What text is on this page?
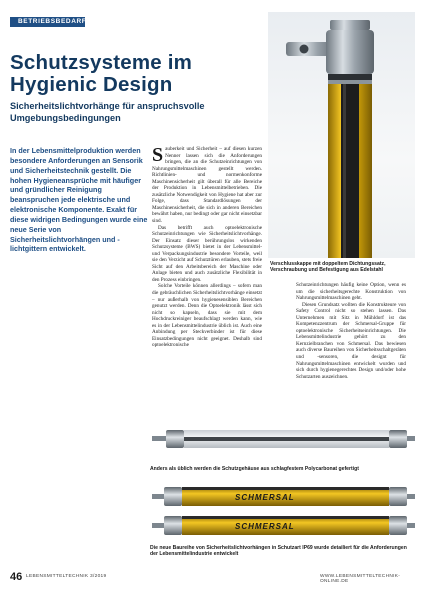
BETRIEBSBEDARF
Schutzsysteme im Hygienic Design
Sicherheitslichtvorhänge für anspruchsvolle Umgebungsbedingungen
In der Lebensmittelproduktion werden besondere Anforderungen an Sensorik und Sicherheitstechnik gestellt. Die hohen Hygieneansprüche mit häufiger und gründlicher Reinigung beanspruchen jede elektrische und elektronische Komponente. Exakt für diese widrigen Bedingungen wurde eine neue Serie von Sicherheitslichtvorhängen und -lichtgittern entwickelt.

Sauberkeit und Sicherheit – auf diesen kurzen Nenner lassen sich die Anforderungen bringen, die an die Schutzeinrichtungen von Nahrungsmittelmaschinen gestellt werden. Richtlinien- und normenkonforme Maschinensicherheit gilt überall für alle Bereiche der Produktion in Lebensmittelbetrieben. Die zusätzliche Notwendigkeit von Hygiene hat aber zur Folge, dass Standardlösungen der Maschinensicherheit, die sich in anderen Bereichen bewährt haben, nur bedingt oder gar nicht einsetzbar sind.

Das betrifft auch optoelektronische Schutzeinrichtungen wie Sicherheitslichtvorhänge. Der Einsatz dieser berührungslos wirkenden Schutzsysteme (BWS) bietet in der Lebensmittel- und Verpackungsindustrie besondere Vorteile, weil sie den Verzicht auf Schutztüren erlauben, stets freie Sicht auf den Arbeitsbereich der Maschine oder Anlage bieten und auch zusätzliche Flexibilität in den Prozess einbringen.

Solche Vorteile können allerdings – sofern man die gebräuchlichen Sicherheitslichtvorhänge einsetzt – nur außerhalb von hygienesensiblen Bereichen genutzt werden. Denn die Optoelektronik lässt sich nicht so kapseln, dass sie mit dem Hochdruckreiniger beaufschlagt werden kann, wie es in der Lebensmittelindustrie üblich ist. Auch eine Anbindung per Steckverbinder ist für diese Einsatzbedingungen nicht geeignet. Deshalb sind optoelektronische

Verschlusskappe mit doppeltem Dichtungssatz, Verschraubung und Befestigung aus Edelstahl

Schutzeinrichtungen häufig keine Option, wenn es um die sicherheitsgerechte Konstruktion von Nahrungsmittelmaschinen geht.

Diesen Grundsatz wollten die Konstrukteure von Safety Control nicht so stehen lassen. Das Unternehmen mit Sitz in Mühldorf ist das Kompetenzzentrum der Schmersal-Gruppe für optoelektronische Sicherheitseinrichtungen. Die Lebensmittelindustrie gehört zu den Kernzielbranchen von Schmersal. Das bewiesen auch diverse Baureihen von Sicherheitsschaltgeräten und -sensoren, die designt für Nahrungsmittelmaschinen entwickelt wurden und sich durch hygienegerechtes Design und/oder hohe Schutzarten auszeichnen.

Anders als üblich werden die Schutzgehäuse aus schlagfestem Polycarbonat gefertigt
SCHMERSAL
SCHMERSAL
Die neue Baureihe von Sicherheitslichtvorhängen in Schutzart IP69 wurde detailiert für die Anforderungen der Lebensmittelindustrie entwickelt
46 LEBENSMITTELTECHNIK 3/2019	WWW.LEBENSMITTELTECHNIK-ONLINE.DE
